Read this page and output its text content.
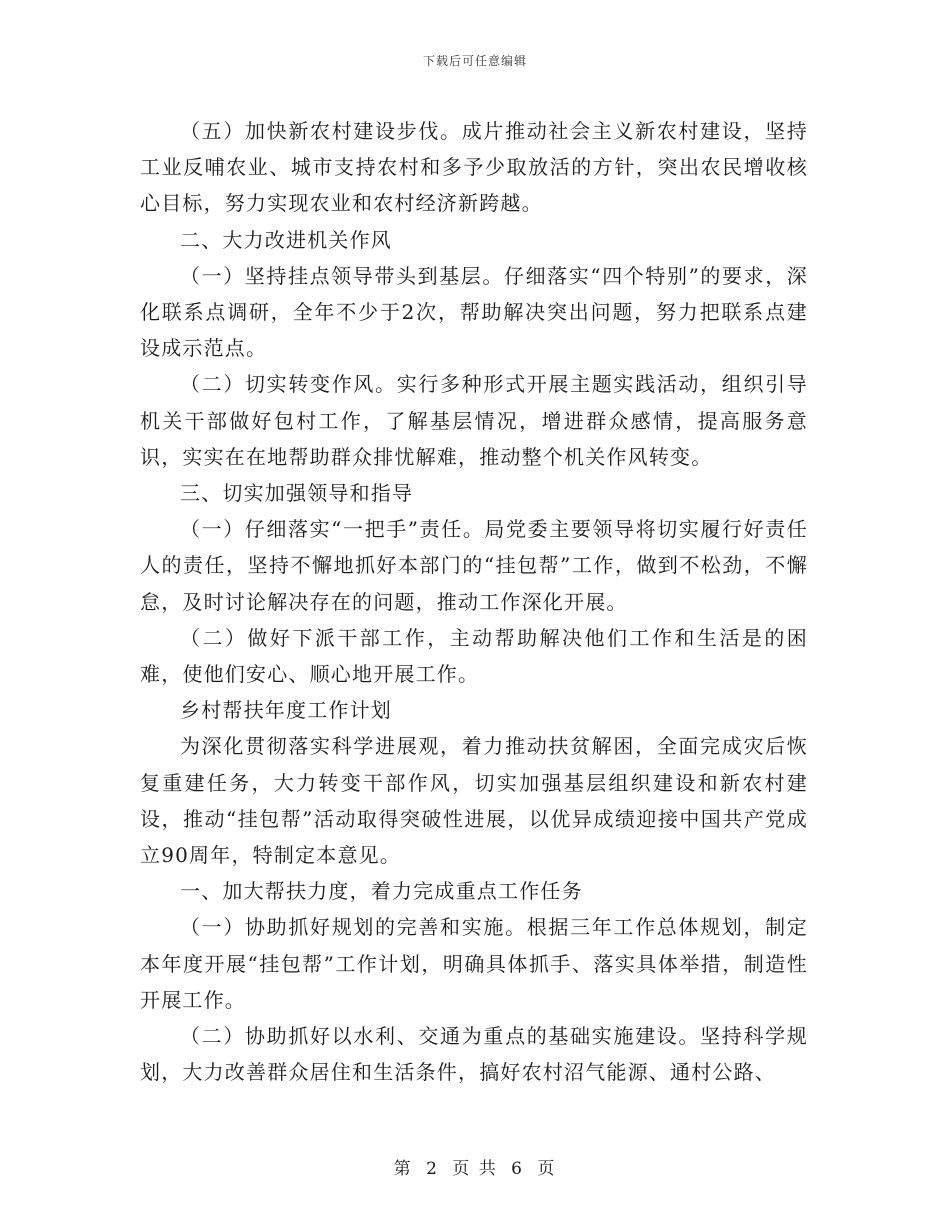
下载后可任意编辑

（五）加快新农村建设步伐。成片推动社会主义新农村建设，坚持工业反哺农业、城市支持农村和多予少取放活的方针，突出农民增收核心目标，努力实现农业和农村经济新跨越。

二、大力改进机关作风

（一）坚持挂点领导带头到基层。仔细落实“四个特别”的要求，深化联系点调研，全年不少于2次，帮助解决突出问题，努力把联系点建设成示范点。

（二）切实转变作风。实行多种形式开展主题实践活动，组织引导机关干部做好包村工作，了解基层情况，增进群众感情，提高服务意识，实实在在地帮助群众排忧解难，推动整个机关作风转变。

三、切实加强领导和指导

（一）仔细落实“一把手”责任。局党委主要领导将切实履行好责任人的责任，坚持不懈地抓好本部门的“挂包帮”工作，做到不松劲，不懈怠，及时讨论解决存在的问题，推动工作深化开展。

（二）做好下派干部工作，主动帮助解决他们工作和生活是的困难，使他们安心、顺心地开展工作。

乡村帮扶年度工作计划

为深化贯彻落实科学进展观，着力推动扶贫解困，全面完成灾后恢复重建任务，大力转变干部作风，切实加强基层组织建设和新农村建设，推动“挂包帮”活动取得突破性进展，以优异成绩迎接中国共产党成立90周年，特制定本意见。

一、加大帮扶力度，着力完成重点工作任务

（一）协助抓好规划的完善和实施。根据三年工作总体规划，制定本年度开展“挂包帮”工作计划，明确具体抓手、落实具体举措，制造性开展工作。

（二）协助抓好以水利、交通为重点的基础实施建设。坚持科学规划，大力改善群众居住和生活条件，搞好农村沼气能源、通村公路、

第 2 页 共 6 页
